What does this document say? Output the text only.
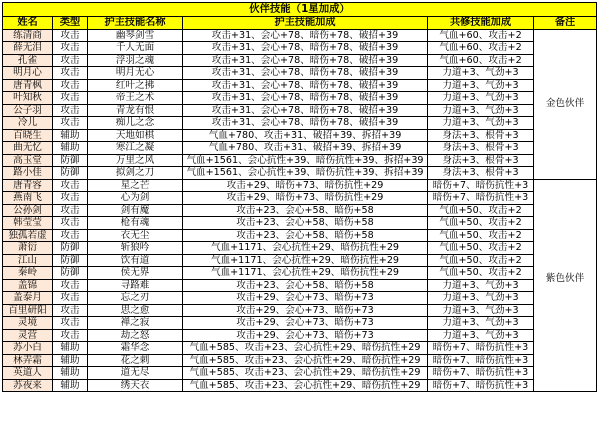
伙伴技能（1星加成）					
姓名	类型	护主技能名称	护主技能加成	共修技能加成	备注
练清商	攻击	幽琴剑雪	攻击+31、会心+78、暗伤+78、破招+39	气血+60、攻击+2	
薛无泪	攻击	千人无面	攻击+31、会心+78、暗伤+78、破招+39	气血+60、攻击+2	
孔雀	攻击	浮羽之魂	攻击+31、会心+78、暗伤+78、破招+39	气血+60、攻击+2	
明月心	攻击	明月无心	攻击+31、会心+78、暗伤+78、破招+39	力道+3、气劲+3	
唐青枫	攻击	红叶之拂	攻击+31、会心+78、暗伤+78、破招+39	力道+3、气劲+3	
叶知秋	攻击	帝王之术	攻击+31、会心+78、暗伤+78、破招+39	力道+3、气劲+3	金色伙伴
公子羽	攻击	青龙有恨	攻击+31、会心+78、暗伤+78、破招+39	力道+3、气劲+3	
冷儿	攻击	痴儿之念	攻击+31、会心+78、暗伤+78、破招+39	力道+3、气劲+3	
百晓生	辅助	天地如棋	气血+780、攻击+31、破招+39、拆招+39	身法+3、根骨+3	
曲无忆	辅助	寒江之凝	气血+780、攻击+31、破招+39、拆招+39	身法+3、根骨+3	
高玉堂	防御	万里之风	气血+1561、会心抗性+39、暗伤抗性+39、拆招+39	身法+3、根骨+3	
路小佳	防御	拟剑之刀	气血+1561、会心抗性+39、暗伤抗性+39、拆招+39	身法+3、根骨+3	
唐青容	攻击	星之芒	攻击+29、暗伤+73、暗伤抗性+29	暗伤+7、暗伤抗性+3	
燕南飞	攻击	心为剑	攻击+29、暗伤+73、暗伤抗性+29	暗伤+7、暗伤抗性+3	
公孙剑	攻击	剑有魔	攻击+23、会心+58、暗伤+58	气血+50、攻击+2	
韩莹莹	攻击	枪有魂	攻击+23、会心+58、暗伤+58	气血+50、攻击+2	
独孤若虚	攻击	衣无尘	攻击+23、会心+58、暗伤+58	气血+50、攻击+2	
萧衍	防御	斩狼吟	气血+1171、会心抗性+29、暗伤抗性+29	气血+50、攻击+2	
江山	防御	饮有道	气血+1171、会心抗性+29、暗伤抗性+29	气血+50、攻击+2	
秦岭	防御	侯无界	气血+1171、会心抗性+29、暗伤抗性+29	气血+50、攻击+2	紫色伙伴
盖锦	攻击	寻路难	攻击+23、会心+58、暗伤+58	力道+3、气劲+3	
盖泰月	攻击	忘之刃	攻击+29、会心+73、暗伤+73	力道+3、气劲+3	
百里研阳	攻击	思之愈	攻击+29、会心+73、暗伤+73	力道+3、气劲+3	
灵境	攻击	禅之寂	攻击+29、会心+73、暗伤+73	力道+3、气劲+3	
灵营	攻击	劫之怒	攻击+29、会心+73、暗伤+73	力道+3、气劲+3	
苏小白	辅助	霜华念	气血+585、攻击+23、会心抗性+29、暗伤抗性+29	暗伤+7、暗伤抗性+3	
林弄霜	辅助	花之刺	气血+585、攻击+23、会心抗性+29、暗伤抗性+29	暗伤+7、暗伤抗性+3	
英道人	辅助	道无尽	气血+585、攻击+23、会心抗性+29、暗伤抗性+29	暗伤+7、暗伤抗性+3	
苏夜来	辅助	绣天衣	气血+585、攻击+23、会心抗性+29、暗伤抗性+29	暗伤+7、暗伤抗性+3	
